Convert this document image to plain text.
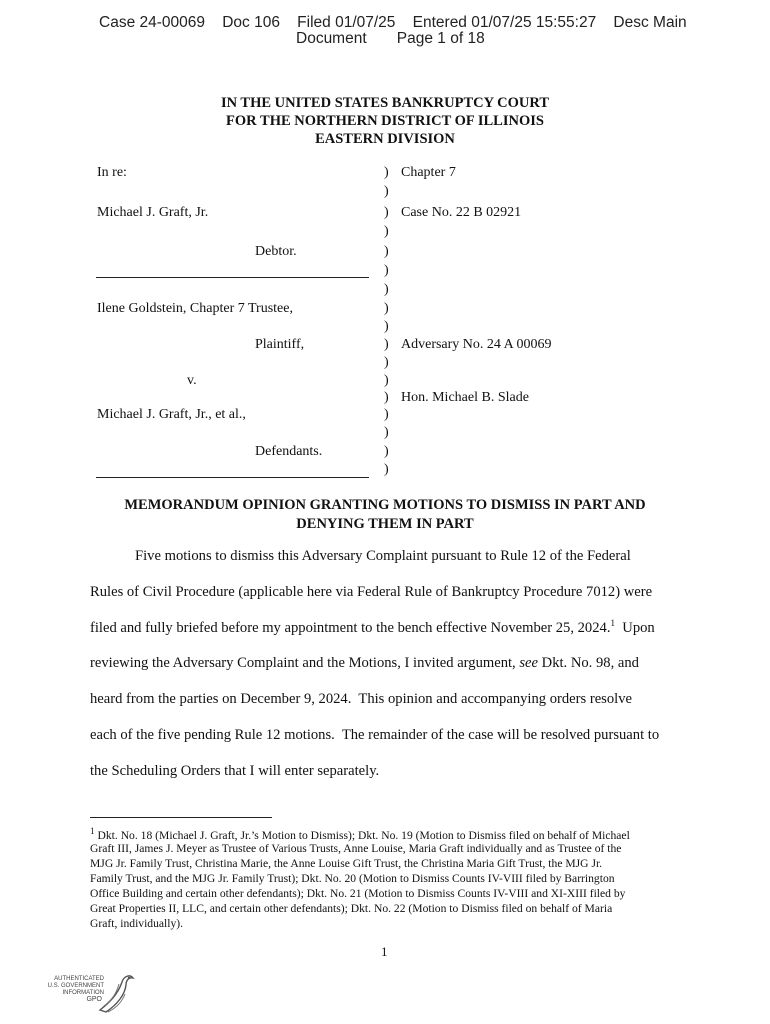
Case 24-00069    Doc 106    Filed 01/07/25    Entered 01/07/25 15:55:27    Desc Main
Document       Page 1 of 18
IN THE UNITED STATES BANKRUPTCY COURT
FOR THE NORTHERN DISTRICT OF ILLINOIS
EASTERN DIVISION
In re:
Michael J. Graft, Jr.
Debtor.
Ilene Goldstein, Chapter 7 Trustee,
Plaintiff,
v.
Michael J. Graft, Jr., et al.,
Defendants.
)
)
)
)
)
)
)
)
)
)
)
)
)
)
)
)
)
Chapter 7
Case No. 22 B 02921
Adversary No. 24 A 00069
Hon. Michael B. Slade
MEMORANDUM OPINION GRANTING MOTIONS TO DISMISS IN PART AND
DENYING THEM IN PART
Five motions to dismiss this Adversary Complaint pursuant to Rule 12 of the Federal
Rules of Civil Procedure (applicable here via Federal Rule of Bankruptcy Procedure 7012) were
filed and fully briefed before my appointment to the bench effective November 25, 2024.$^1$  Upon
reviewing the Adversary Complaint and the Motions, I invited argument, see Dkt. No. 98, and
heard from the parties on December 9, 2024.  This opinion and accompanying orders resolve
each of the five pending Rule 12 motions.  The remainder of the case will be resolved pursuant to
the Scheduling Orders that I will enter separately.
$^1$ Dkt. No. 18 (Michael J. Graft, Jr.’s Motion to Dismiss); Dkt. No. 19 (Motion to Dismiss filed on behalf of Michael
Graft III, James J. Meyer as Trustee of Various Trusts, Anne Louise, Maria Graft individually and as Trustee of the
MJG Jr. Family Trust, Christina Marie, the Anne Louise Gift Trust, the Christina Maria Gift Trust, the MJG Jr.
Family Trust, and the MJG Jr. Family Trust); Dkt. No. 20 (Motion to Dismiss Counts IV-VIII filed by Barrington
Office Building and certain other defendants); Dkt. No. 21 (Motion to Dismiss Counts IV-VIII and XI-XIII filed by
Great Properties II, LLC, and certain other defendants); Dkt. No. 22 (Motion to Dismiss filed on behalf of Maria
Graft, individually).
1
AUTHENTICATED
U.S. GOVERNMENT
INFORMATION
GPO
